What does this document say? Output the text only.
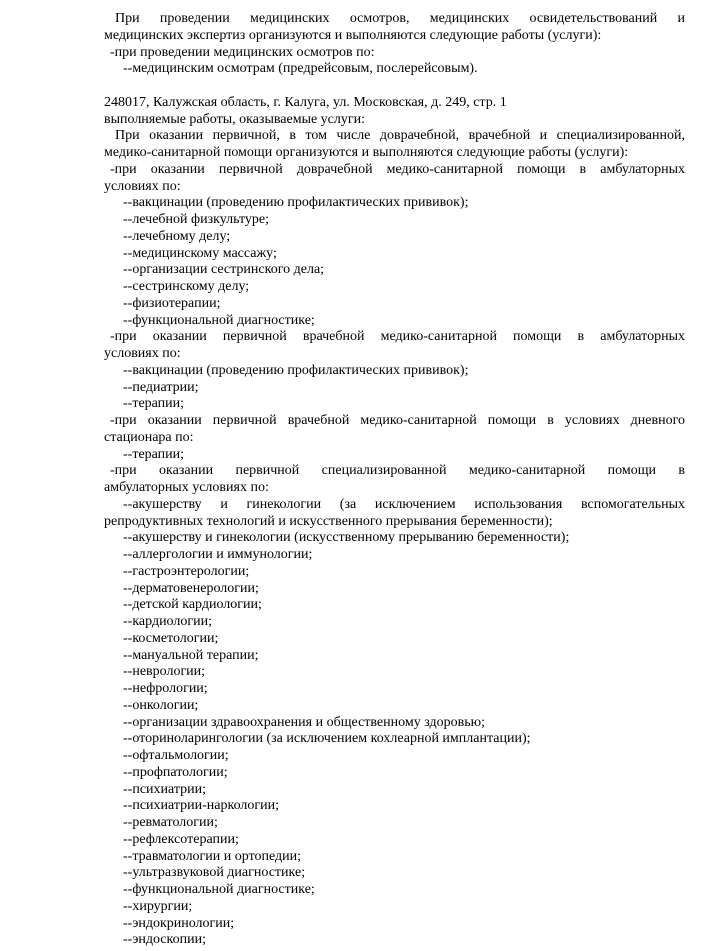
При проведении медицинских осмотров, медицинских освидетельствований и
медицинских экспертиз организуются и выполняются следующие работы (услуги):
-при проведении медицинских осмотров по:
--медицинским осмотрам (предрейсовым, послерейсовым).
248017, Калужская область, г. Калуга, ул. Московская, д. 249, стр. 1
выполняемые работы, оказываемые услуги:
При оказании первичной, в том числе доврачебной, врачебной и специализированной,
медико-санитарной помощи организуются и выполняются следующие работы (услуги):
-при оказании первичной доврачебной медико-санитарной помощи в амбулаторных
условиях по:
--вакцинации (проведению профилактических прививок);
--лечебной физкультуре;
--лечебному делу;
--медицинскому массажу;
--организации сестринского дела;
--сестринскому делу;
--физиотерапии;
--функциональной диагностике;
-при оказании первичной врачебной медико-санитарной помощи в амбулаторных
условиях по:
--вакцинации (проведению профилактических прививок);
--педиатрии;
--терапии;
-при оказании первичной врачебной медико-санитарной помощи в условиях дневного
стационара по:
--терапии;
-при оказании первичной специализированной медико-санитарной помощи в
амбулаторных условиях по:
--акушерству и гинекологии (за исключением использования вспомогательных
репродуктивных технологий и искусственного прерывания беременности);
--акушерству и гинекологии (искусственному прерыванию беременности);
--аллергологии и иммунологии;
--гастроэнтерологии;
--дерматовенерологии;
--детской кардиологии;
--кардиологии;
--косметологии;
--мануальной терапии;
--неврологии;
--нефрологии;
--онкологии;
--организации здравоохранения и общественному здоровью;
--оториноларингологии (за исключением кохлеарной имплантации);
--офтальмологии;
--профпатологии;
--психиатрии;
--психиатрии-наркологии;
--ревматологии;
--рефлексотерапии;
--травматологии и ортопедии;
--ультразвуковой диагностике;
--функциональной диагностике;
--хирургии;
--эндокринологии;
--эндоскопии;
